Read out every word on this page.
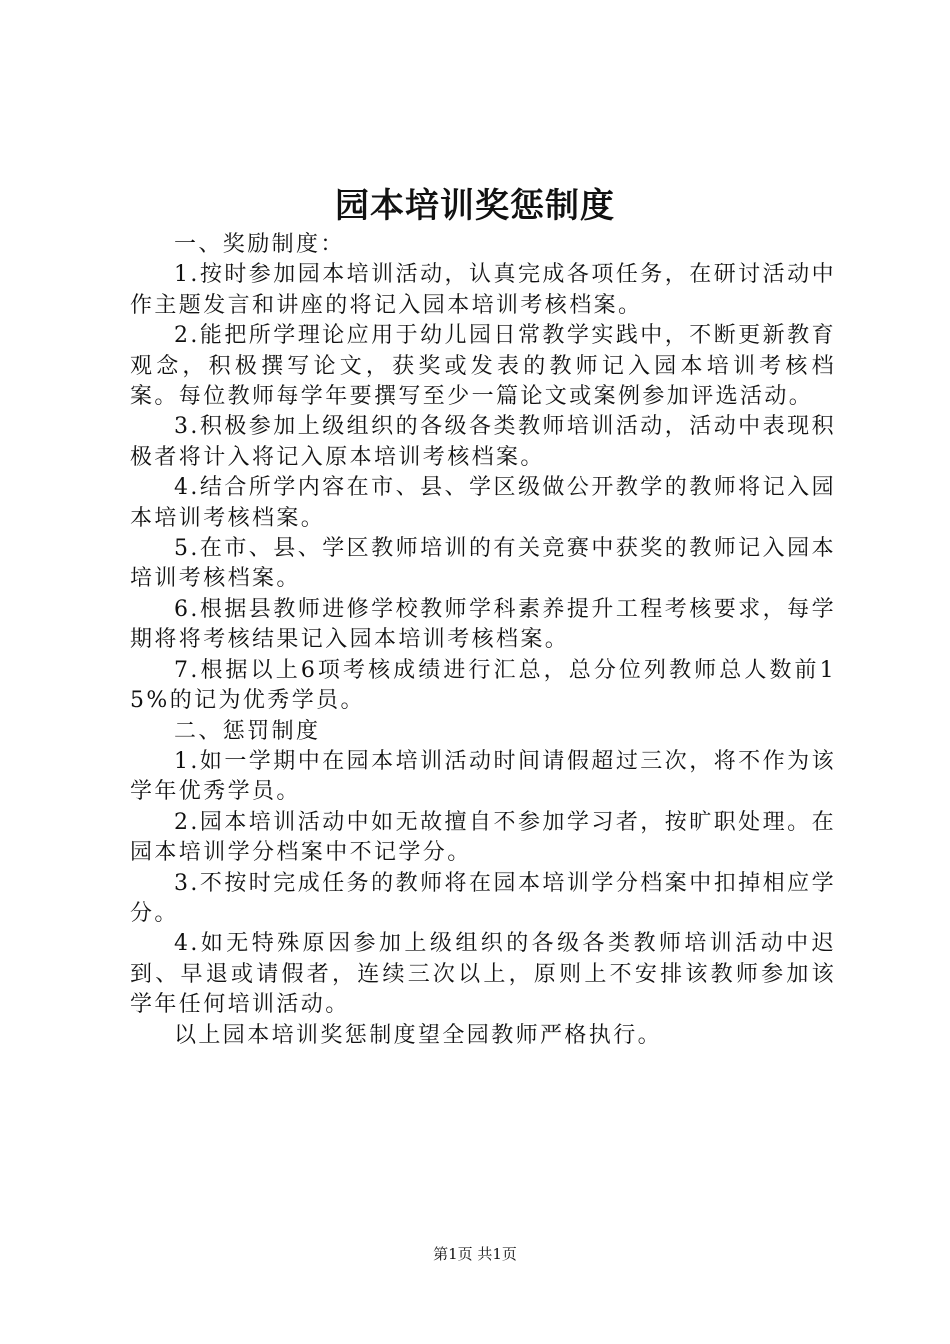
园本培训奖惩制度

一、奖励制度：

1.按时参加园本培训活动，认真完成各项任务，在研讨活动中作主题发言和讲座的将记入园本培训考核档案。

2.能把所学理论应用于幼儿园日常教学实践中，不断更新教育观念，积极撰写论文，获奖或发表的教师记入园本培训考核档案。每位教师每学年要撰写至少一篇论文或案例参加评选活动。

3.积极参加上级组织的各级各类教师培训活动，活动中表现积极者将计入将记入原本培训考核档案。

4.结合所学内容在市、县、学区级做公开教学的教师将记入园本培训考核档案。

5.在市、县、学区教师培训的有关竞赛中获奖的教师记入园本培训考核档案。

6.根据县教师进修学校教师学科素养提升工程考核要求，每学期将将考核结果记入园本培训考核档案。

7.根据以上6项考核成绩进行汇总，总分位列教师总人数前15%的记为优秀学员。

二、惩罚制度

1.如一学期中在园本培训活动时间请假超过三次，将不作为该学年优秀学员。

2.园本培训活动中如无故擅自不参加学习者，按旷职处理。在园本培训学分档案中不记学分。

3.不按时完成任务的教师将在园本培训学分档案中扣掉相应学分。

4.如无特殊原因参加上级组织的各级各类教师培训活动中迟到、早退或请假者，连续三次以上，原则上不安排该教师参加该学年任何培训活动。

以上园本培训奖惩制度望全园教师严格执行。

第1页 共1页
